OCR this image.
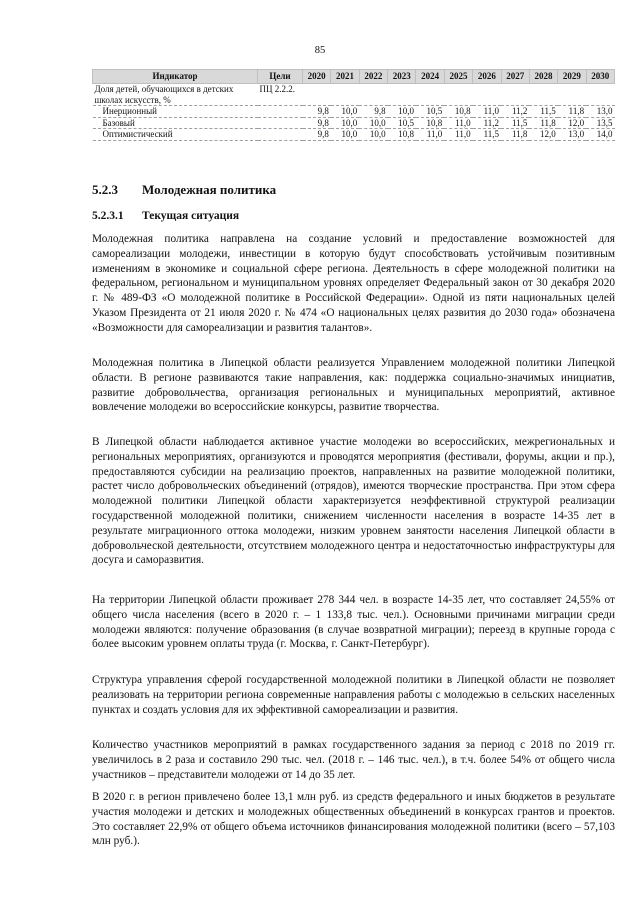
85
Индикатор	Цели	2020	2021	2022	2023	2024	2025	2026	2027	2028	2029	2030
Доля детей, обучающихся в детских школах искусств, %	ПЦ 2.2.2.											
Инерционный		9,8	10,0	9,8	10,0	10,5	10,8	11,0	11,2	11,5	11,8	13,0
Базовый		9,8	10,0	10,0	10,5	10,8	11,0	11,2	11,5	11,8	12,0	13,5
Оптимистический		9,8	10,0	10,0	10,8	11,0	11,0	11,5	11,8	12,0	13,0	14,0
5.2.3 Молодежная политика
5.2.3.1 Текущая ситуация

Молодежная политика направлена на создание условий и предоставление возможностей для самореализации молодежи, инвестиции в которую будут способствовать устойчивым позитивным изменениям в экономике и социальной сфере региона. Деятельность в сфере молодежной политики на федеральном, региональном и муниципальном уровнях определяет Федеральный закон от 30 декабря 2020 г. № 489-ФЗ «О молодежной политике в Российской Федерации». Одной из пяти национальных целей Указом Президента от 21 июля 2020 г. № 474 «О национальных целях развития до 2030 года» обозначена «Возможности для самореализации и развития талантов».

Молодежная политика в Липецкой области реализуется Управлением молодежной политики Липецкой области. В регионе развиваются такие направления, как: поддержка социально-значимых инициатив, развитие добровольчества, организация региональных и муниципальных мероприятий, активное вовлечение молодежи во всероссийские конкурсы, развитие творчества.

В Липецкой области наблюдается активное участие молодежи во всероссийских, межрегиональных и региональных мероприятиях, организуются и проводятся мероприятия (фестивали, форумы, акции и пр.), предоставляются субсидии на реализацию проектов, направленных на развитие молодежной политики, растет число добровольческих объединений (отрядов), имеются творческие пространства. При этом сфера молодежной политики Липецкой области характеризуется неэффективной структурой реализации государственной молодежной политики, снижением численности населения в возрасте 14-35 лет в результате миграционного оттока молодежи, низким уровнем занятости населения Липецкой области в добровольческой деятельности, отсутствием молодежного центра и недостаточностью инфраструктуры для досуга и саморазвития.

На территории Липецкой области проживает 278 344 чел. в возрасте 14-35 лет, что составляет 24,55% от общего числа населения (всего в 2020 г. – 1 133,8 тыс. чел.). Основными причинами миграции среди молодежи являются: получение образования (в случае возвратной миграции); переезд в крупные города с более высоким уровнем оплаты труда (г. Москва, г. Санкт-Петербург).

Структура управления сферой государственной молодежной политики в Липецкой области не позволяет реализовать на территории региона современные направления работы с молодежью в сельских населенных пунктах и создать условия для их эффективной самореализации и развития.

Количество участников мероприятий в рамках государственного задания за период с 2018 по 2019 гг. увеличилось в 2 раза и составило 290 тыс. чел. (2018 г. – 146 тыс. чел.), в т.ч. более 54% от общего числа участников – представители молодежи от 14 до 35 лет.

В 2020 г. в регион привлечено более 13,1 млн руб. из средств федерального и иных бюджетов в результате участия молодежи и детских и молодежных общественных объединений в конкурсах грантов и проектов. Это составляет 22,9% от общего объема источников финансирования молодежной политики (всего – 57,103 млн руб.).
